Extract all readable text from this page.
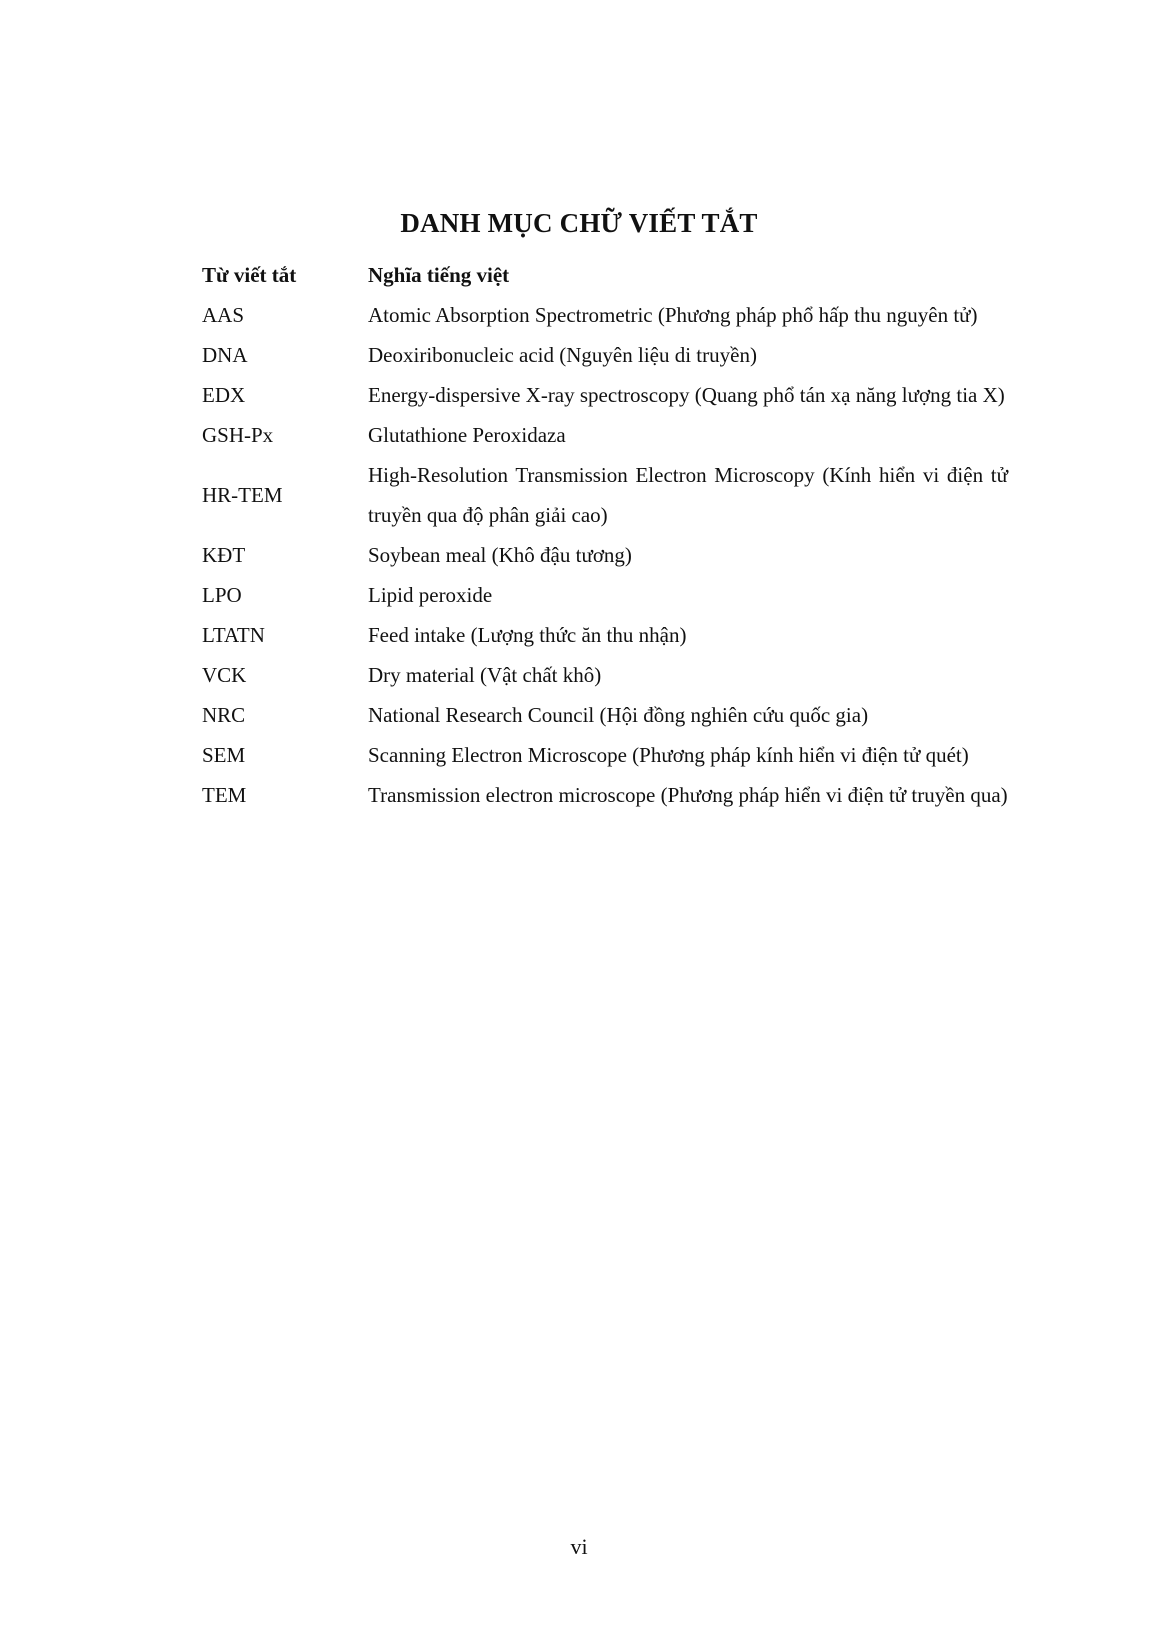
DANH MỤC CHỮ VIẾT TẮT
Từ viết tắt	Nghĩa tiếng việt
AAS	Atomic Absorption Spectrometric (Phương pháp phổ hấp thu nguyên tử)
DNA	Deoxiribonucleic acid (Nguyên liệu di truyền)
EDX	Energy-dispersive X-ray spectroscopy (Quang phổ tán xạ năng lượng tia X)
GSH-Px	Glutathione Peroxidaza
HR-TEM	High-Resolution Transmission Electron Microscopy (Kính hiển vi điện tử truyền qua độ phân giải cao)
KĐT	Soybean meal (Khô đậu tương)
LPO	Lipid peroxide
LTATN	Feed intake (Lượng thức ăn thu nhận)
VCK	Dry material (Vật chất khô)
NRC	National Research Council (Hội đồng nghiên cứu quốc gia)
SEM	Scanning Electron Microscope (Phương pháp kính hiển vi điện tử quét)
TEM	Transmission electron microscope (Phương pháp hiển vi điện tử truyền qua)
vi
